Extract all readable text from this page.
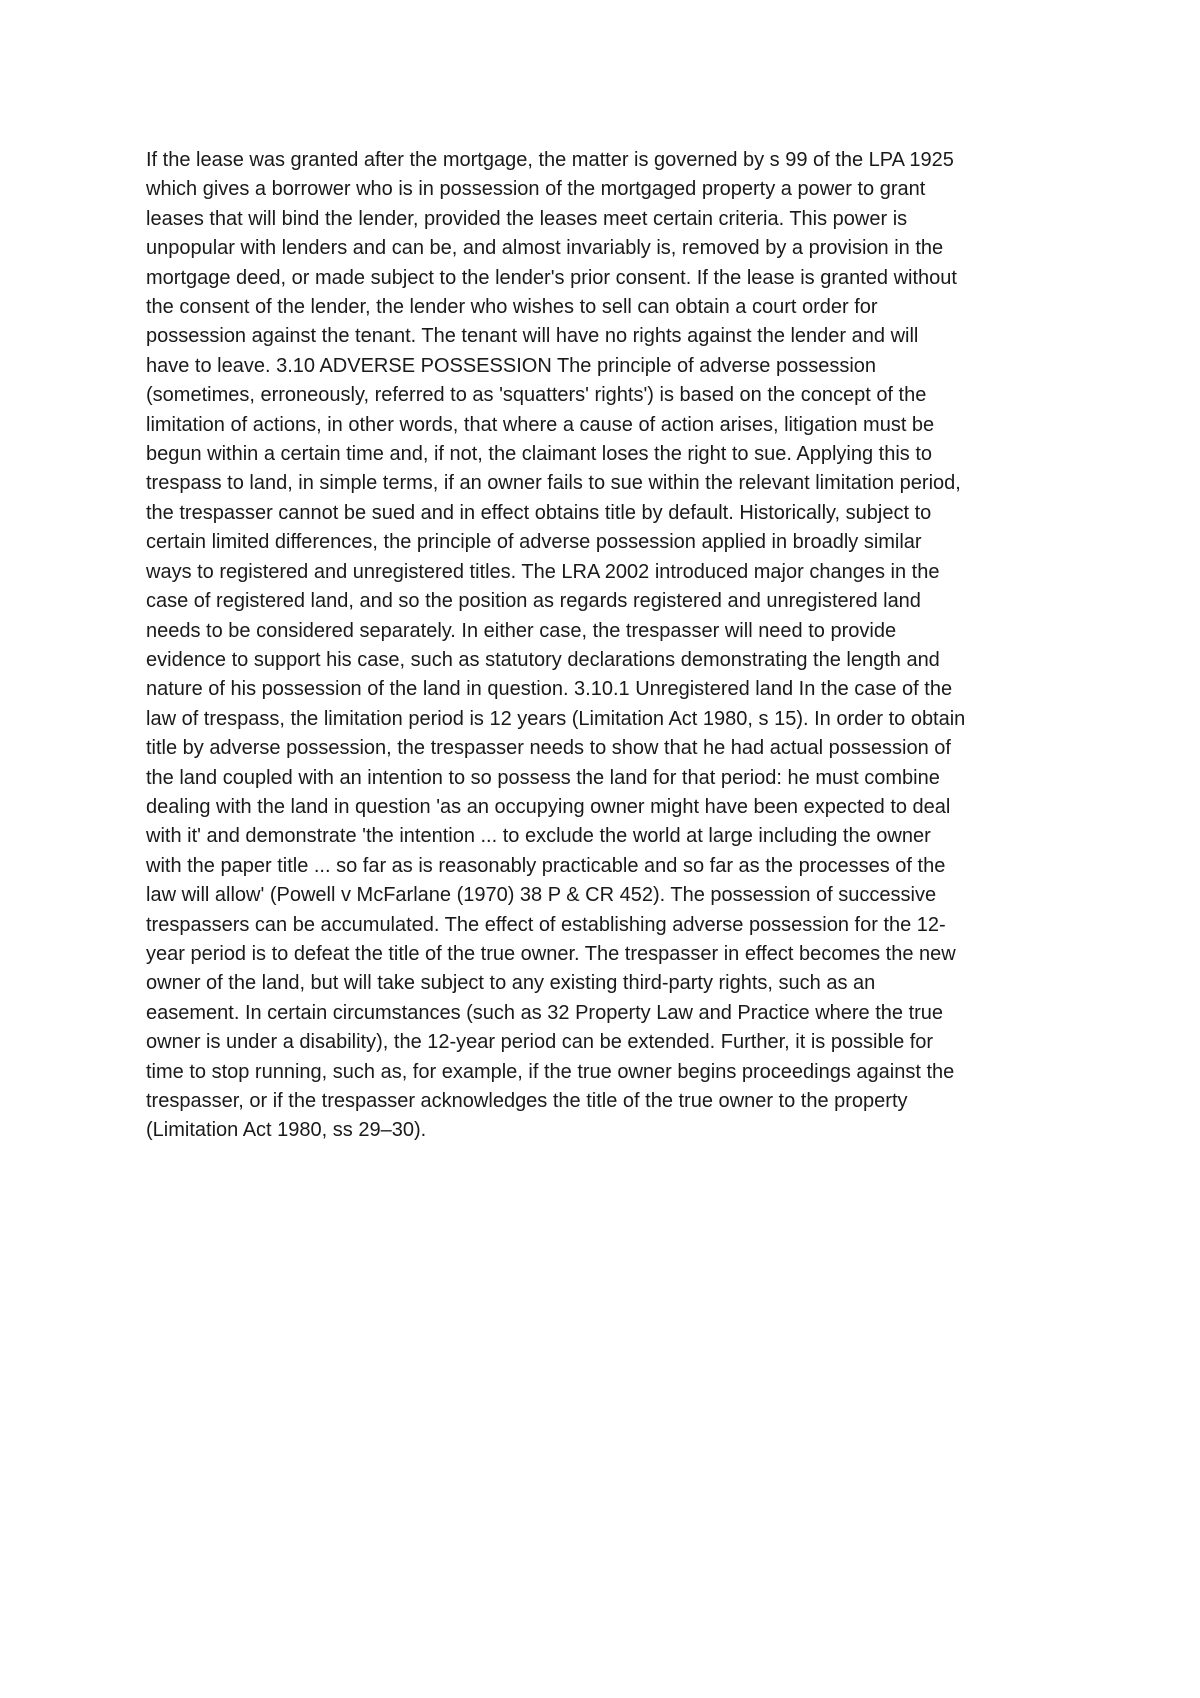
If the lease was granted after the mortgage, the matter is governed by s 99 of the LPA 1925
which gives a borrower who is in possession of the mortgaged property a power to grant
leases that will bind the lender, provided the leases meet certain criteria. This power is
unpopular with lenders and can be, and almost invariably is, removed by a provision in the
mortgage deed, or made subject to the lender's prior consent. If the lease is granted without
the consent of the lender, the lender who wishes to sell can obtain a court order for
possession against the tenant. The tenant will have no rights against the lender and will
have to leave. 3.10 ADVERSE POSSESSION The principle of adverse possession
(sometimes, erroneously, referred to as 'squatters' rights') is based on the concept of the
limitation of actions, in other words, that where a cause of action arises, litigation must be
begun within a certain time and, if not, the claimant loses the right to sue. Applying this to
trespass to land, in simple terms, if an owner fails to sue within the relevant limitation period,
the trespasser cannot be sued and in effect obtains title by default. Historically, subject to
certain limited differences, the principle of adverse possession applied in broadly similar
ways to registered and unregistered titles. The LRA 2002 introduced major changes in the
case of registered land, and so the position as regards registered and unregistered land
needs to be considered separately. In either case, the trespasser will need to provide
evidence to support his case, such as statutory declarations demonstrating the length and
nature of his possession of the land in question. 3.10.1 Unregistered land In the case of the
law of trespass, the limitation period is 12 years (Limitation Act 1980, s 15). In order to obtain
title by adverse possession, the trespasser needs to show that he had actual possession of
the land coupled with an intention to so possess the land for that period: he must combine
dealing with the land in question 'as an occupying owner might have been expected to deal
with it' and demonstrate 'the intention ... to exclude the world at large including the owner
with the paper title ... so far as is reasonably practicable and so far as the processes of the
law will allow' (Powell v McFarlane (1970) 38 P & CR 452). The possession of successive
trespassers can be accumulated. The effect of establishing adverse possession for the 12-
year period is to defeat the title of the true owner. The trespasser in effect becomes the new
owner of the land, but will take subject to any existing third-party rights, such as an
easement. In certain circumstances (such as 32 Property Law and Practice where the true
owner is under a disability), the 12-year period can be extended. Further, it is possible for
time to stop running, such as, for example, if the true owner begins proceedings against the
trespasser, or if the trespasser acknowledges the title of the true owner to the property
(Limitation Act 1980, ss 29–30).
